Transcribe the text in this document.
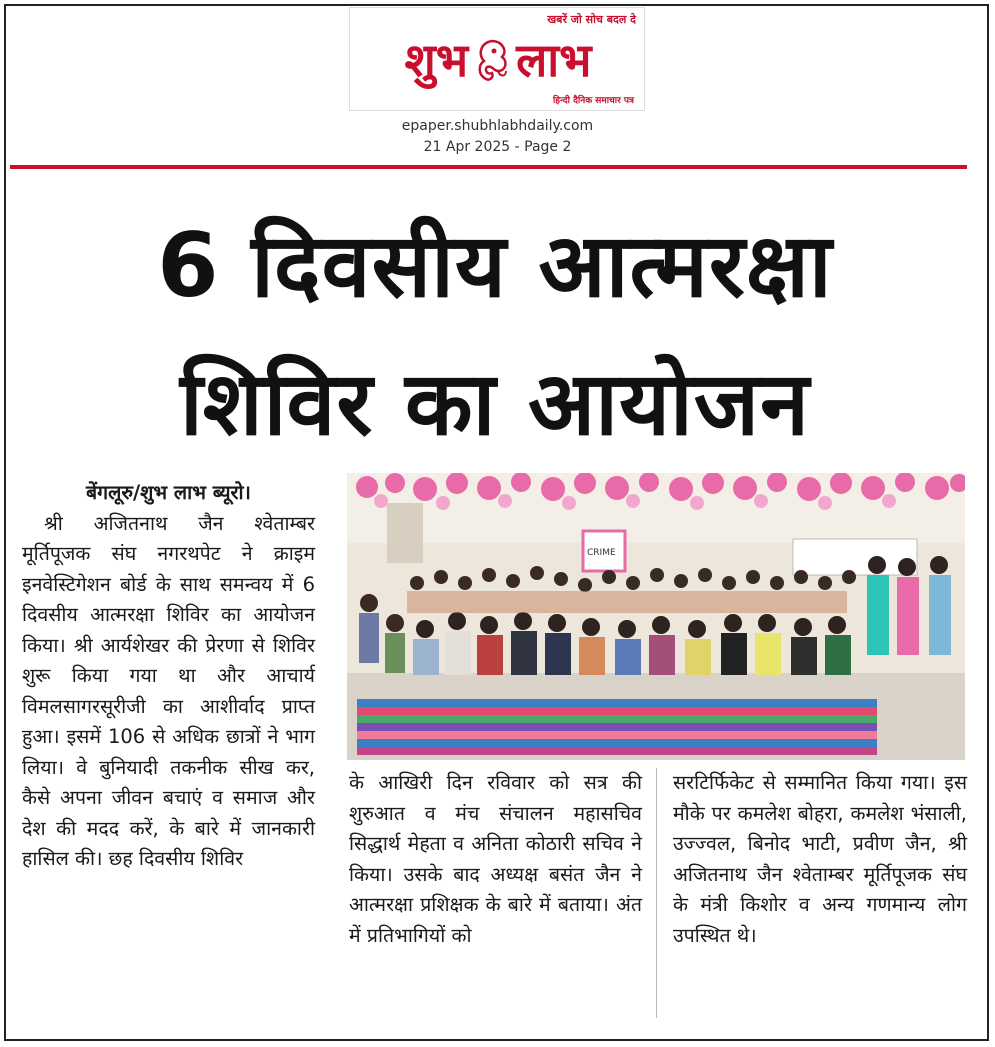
खबरें जो सोच बदल दे
शुभ लाभ
हिन्दी दैनिक समाचार पत्र
epaper.shubhlabhdaily.com
21 Apr 2025 - Page 2
6 दिवसीय आत्मरक्षा
शिविर का आयोजन

बेंगलूरु/शुभ लाभ ब्यूरो।

श्री अजितनाथ जैन श्वेताम्बर मूर्तिपूजक संघ नगरथपेट ने क्राइम इनवेस्टिगेशन बोर्ड के साथ समन्वय में 6 दिवसीय आत्मरक्षा शिविर का आयोजन किया। श्री आर्यशेखर की प्रेरणा से शिविर शुरू किया गया था और आचार्य विमलसागरसूरीजी का आशीर्वाद प्राप्त हुआ। इसमें 106 से अधिक छात्रों ने भाग लिया। वे बुनियादी तकनीक सीख कर, कैसे अपना जीवन बचाएं व समाज और देश की मदद करें, के बारे में जानकारी हासिल की। छह दिवसीय शिविर

CRIME

के आखिरी दिन रविवार को सत्र की शुरुआत व मंच संचालन महासचिव सिद्धार्थ मेहता व अनिता कोठारी सचिव ने किया। उसके बाद अध्यक्ष बसंत जैन ने आत्मरक्षा प्रशिक्षक के बारे में बताया। अंत में प्रतिभागियों को

सरटिर्फिकेट से सम्मानित किया गया। इस मौके पर कमलेश बोहरा, कमलेश भंसाली, उज्ज्वल, बिनोद भाटी, प्रवीण जैन, श्री अजितनाथ जैन श्वेताम्बर मूर्तिपूजक संघ के मंत्री किशोर व अन्य गणमान्य लोग उपस्थित थे।
